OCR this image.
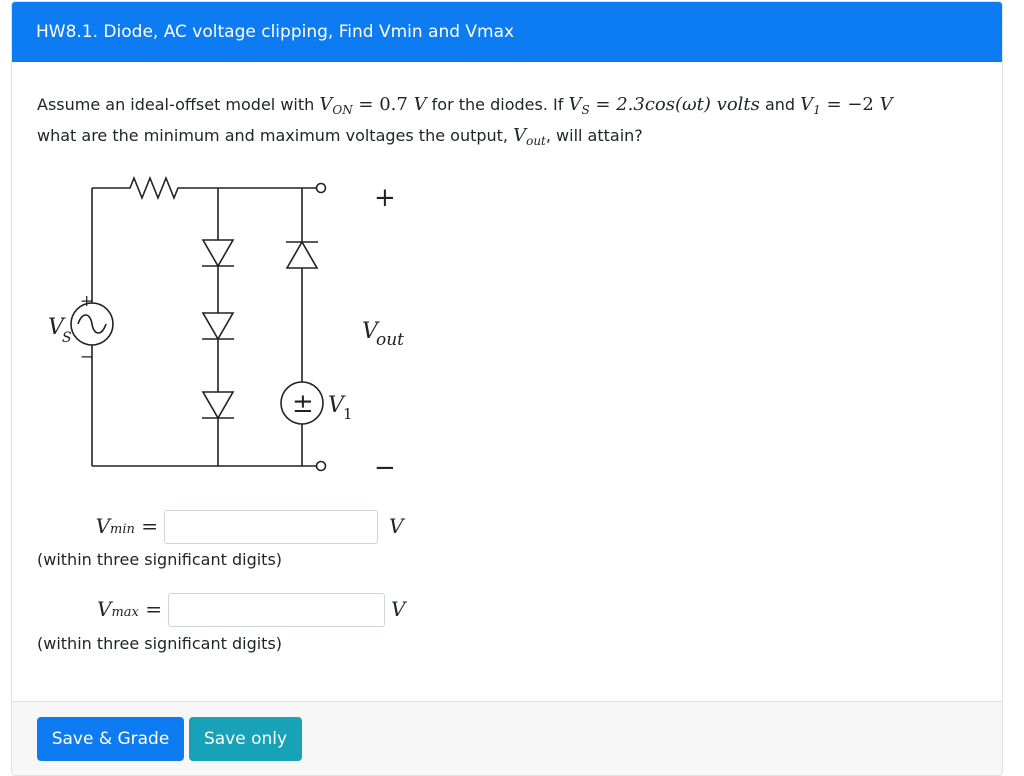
HW8.1. Diode, AC voltage clipping, Find Vmin and Vmax
Assume an ideal-offset model with $V_{ON} = 0.7$ V for the diodes. If $V_S = 2.3\cos(\omega t)$ volts and $V_1 = -2$ V
what are the minimum and maximum voltages the output, $V_{out}$, will attain?
±
+
−
+
−
V
S	V
out
V 1
Vmin =	V
(within three significant digits)
Vmax =	V
(within three significant digits)
Save & Grade	Save only
